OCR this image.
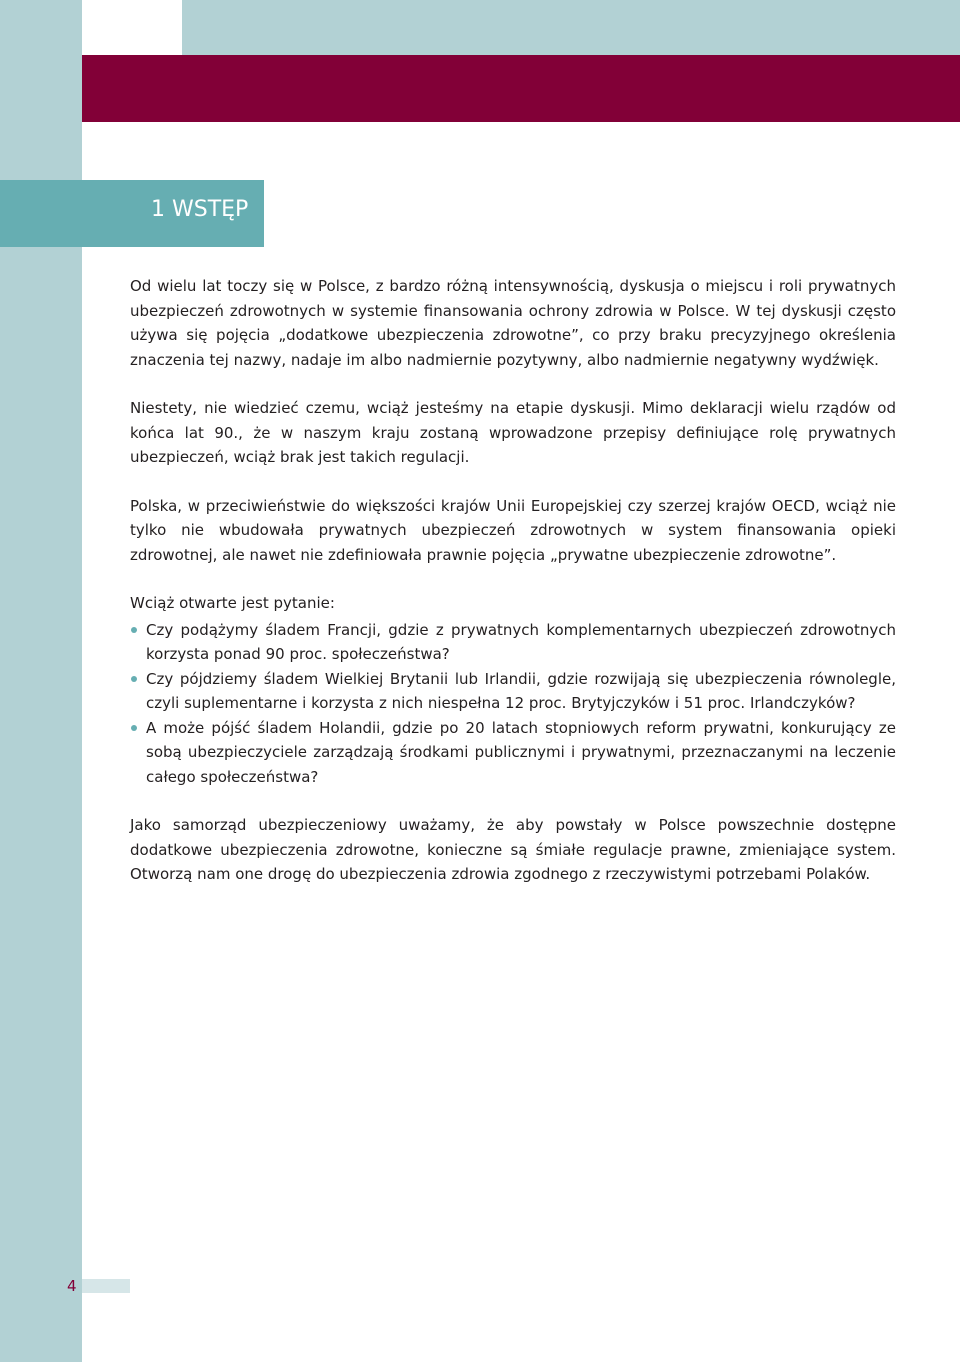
1 WSTĘP

Od wielu lat toczy się w Polsce, z bardzo różną intensywnością, dyskusja o miejscu i roli prywatnych ubezpieczeń zdrowotnych w systemie finansowania ochrony zdrowia w Polsce. W tej dyskusji często używa się pojęcia „dodatkowe ubezpieczenia zdrowotne”, co przy braku precyzyjnego określenia znaczenia tej nazwy, nadaje im albo nadmiernie pozytywny, albo nadmiernie negatywny wydźwięk.

Niestety, nie wiedzieć czemu, wciąż jesteśmy na etapie dyskusji. Mimo deklaracji wielu rządów od końca lat 90., że w naszym kraju zostaną wprowadzone przepisy definiujące rolę prywatnych ubezpieczeń, wciąż brak jest takich regulacji.

Polska, w przeciwieństwie do większości krajów Unii Europejskiej czy szerzej krajów OECD, wciąż nie tylko nie wbudowała prywatnych ubezpieczeń zdrowotnych w system finansowania opieki zdrowotnej, ale nawet nie zdefiniowała prawnie pojęcia „prywatne ubezpieczenie zdrowotne”.

Wciąż otwarte jest pytanie:

Czy podążymy śladem Francji, gdzie z prywatnych komplementarnych ubezpieczeń zdrowotnych korzysta ponad 90 proc. społeczeństwa?
Czy pójdziemy śladem Wielkiej Brytanii lub Irlandii, gdzie rozwijają się ubezpieczenia równolegle, czyli suplementarne i korzysta z nich niespełna 12 proc. Brytyjczyków i 51 proc. Irlandczyków?
A może pójść śladem Holandii, gdzie po 20 latach stopniowych reform prywatni, konkurujący ze sobą ubezpieczyciele zarządzają środkami publicznymi i prywatnymi, przeznaczanymi na leczenie całego społeczeństwa?

Jako samorząd ubezpieczeniowy uważamy, że aby powstały w Polsce powszechnie dostępne dodatkowe ubezpieczenia zdrowotne, konieczne są śmiałe regulacje prawne, zmieniające system. Otworzą nam one drogę do ubezpieczenia zdrowia zgodnego z rzeczywistymi potrzebami Polaków.

4
